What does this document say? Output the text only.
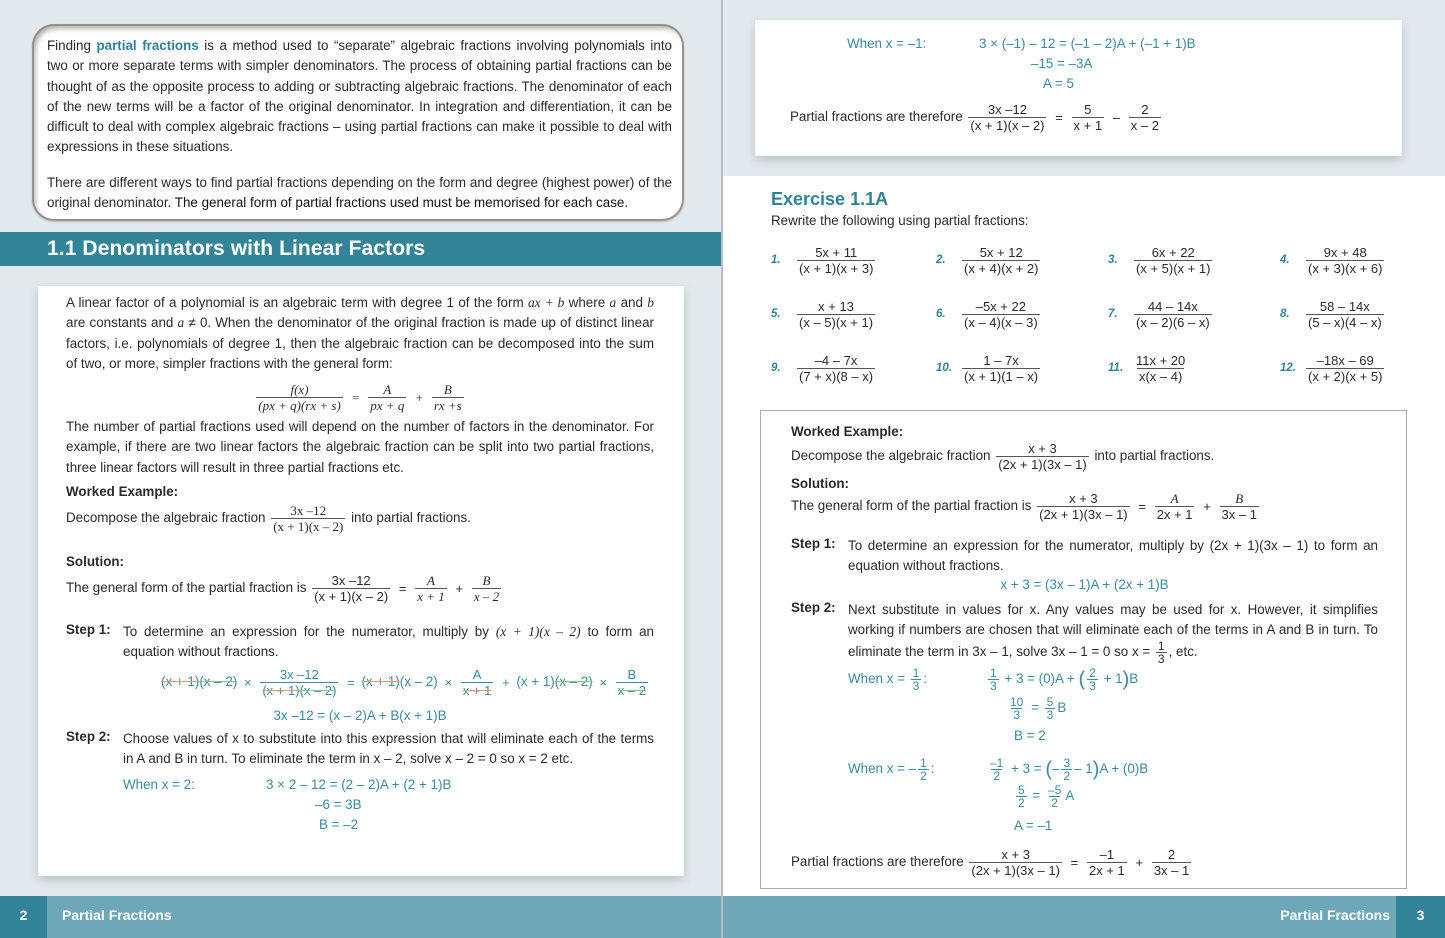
Finding partial fractions is a method used to “separate” algebraic fractions involving polynomials into two or more separate terms with simpler denominators. The process of obtaining partial fractions can be thought of as the opposite process to adding or subtracting algebraic fractions. The denominator of each of the new terms will be a factor of the original denominator. In integration and differentiation, it can be difficult to deal with complex algebraic fractions – using partial fractions can make it possible to deal with expressions in these situations.

There are different ways to find partial fractions depending on the form and degree (highest power) of the original denominator. The general form of partial fractions used must be memorised for each case.

1.1 Denominators with Linear Factors

A linear factor of a polynomial is an algebraic term with degree 1 of the form ax + b where a and b are constants and a ≠ 0. When the denominator of the original fraction is made up of distinct linear factors, i.e. polynomials of degree 1, then the algebraic fraction can be decomposed into the sum of two, or more, simpler fractions with the general form:

$\frac{f(x)}{(px + q)(rx + s)} = \frac{A}{px + q} + \frac{B}{rx +s}$

The number of partial fractions used will depend on the number of factors in the denominator. For example, if there are two linear factors the algebraic fraction can be split into two partial fractions, three linear factors will result in three partial fractions etc.

Worked Example:
Decompose the algebraic fraction $\frac{3x -12}{(x + 1)(x - 2)}$ into partial fractions.
Solution:
The general form of the partial fraction is $\frac{3x -12}{(x + 1)(x - 2)} = \frac{A}{x + 1} + \frac{B}{x - 2}$
Step 1: To determine an expression for the numerator, multiply by (x + 1)(x – 2) to form an equation without fractions.
$(x + 1)(x - 2) \times \frac{3x -12}{(x + 1)(x - 2)} = (x + 1)(x - 2) \times \frac{A}{x + 1} + (x + 1)(x - 2) \times \frac{B}{x - 2}$
3x –12 = (x – 2)A + B(x + 1)B
Step 2: Choose values of x to substitute into this expression that will eliminate each of the terms in A and B in turn. To eliminate the term in x – 2, solve x – 2 = 0 so x = 2 etc.
When x = 2:	3 × 2 – 12 = (2 – 2)A + (2 + 1)B
–6 = 3B
B = –2
When x = –1:	3 × (–1) – 12 = (–1 – 2)A + (–1 + 1)B
–15 = –3A
A = 5
Partial fractions are therefore $\frac{3x -12}{(x + 1)(x - 2)} = \frac{5}{x + 1} - \frac{2}{x - 2}$
Exercise 1.1A
Rewrite the following using partial fractions:
1.	$\frac{5x + 11}{(x + 1)(x + 3)}$	2.	$\frac{5x + 12}{(x + 4)(x + 2)}$	3.	$\frac{6x + 22}{(x + 5)(x + 1)}$	4.	$\frac{9x + 48}{(x + 3)(x + 6)}$
5.	$\frac{x + 13}{(x - 5)(x + 1)}$	6.	$\frac{-5x + 22}{(x - 4)(x - 3)}$	7.	$\frac{44 - 14x}{(x - 2)(6 - x)}$	8.	$\frac{58 - 14x}{(5 - x)(4 - x)}$
9.	$\frac{-4 - 7x}{(7 + x)(8 - x)}$	10. $\frac{1 - 7x}{(x + 1)(1 - x)}$	11. $\frac{11x + 20}{x(x - 4)}$	12. $\frac{-18x - 69}{(x + 2)(x + 5)}$
Worked Example:
Decompose the algebraic fraction $\frac{x + 3}{(2x + 1)(3x - 1)}$ into partial fractions.
Solution:
The general form of the partial fraction is $\frac{x + 3}{(2x + 1)(3x - 1)} = \frac{A}{2x + 1} + \frac{B}{3x - 1}$
Step 1: To determine an expression for the numerator, multiply by (2x + 1)(3x – 1) to form an equation without fractions.
x + 3 = (3x – 1)A + (2x + 1)B
Step 2: Next substitute in values for x. Any values may be used for x. However, it simplifies working if numbers are chosen that will eliminate each of the terms in A and B in turn. To eliminate the term in 3x – 1, solve 3x – 1 = 0 so $x = \frac{1}{3}$ , etc.
When $x = \frac{1}{3}$ :	$\frac{1}{3} + 3 = (0)A$ + ( $\frac{2}{3} + 1)B$
$\frac{10}{3} = \frac{5}{3}$ B
B = 2
When x = – $\frac{1}{2}$ :	$\frac{-1}{2} + 3$ = (– $\frac{3}{2} - 1)A + (0)B$
$\frac{5}{2} = \frac{-5}{2}$ A
A = –1
Partial fractions are therefore $\frac{x + 3}{(2x + 1)(3x - 1)} = \frac{-1}{2x + 1} + \frac{2}{3x - 1}$
2	Partial Fractions	Partial Fractions	3
